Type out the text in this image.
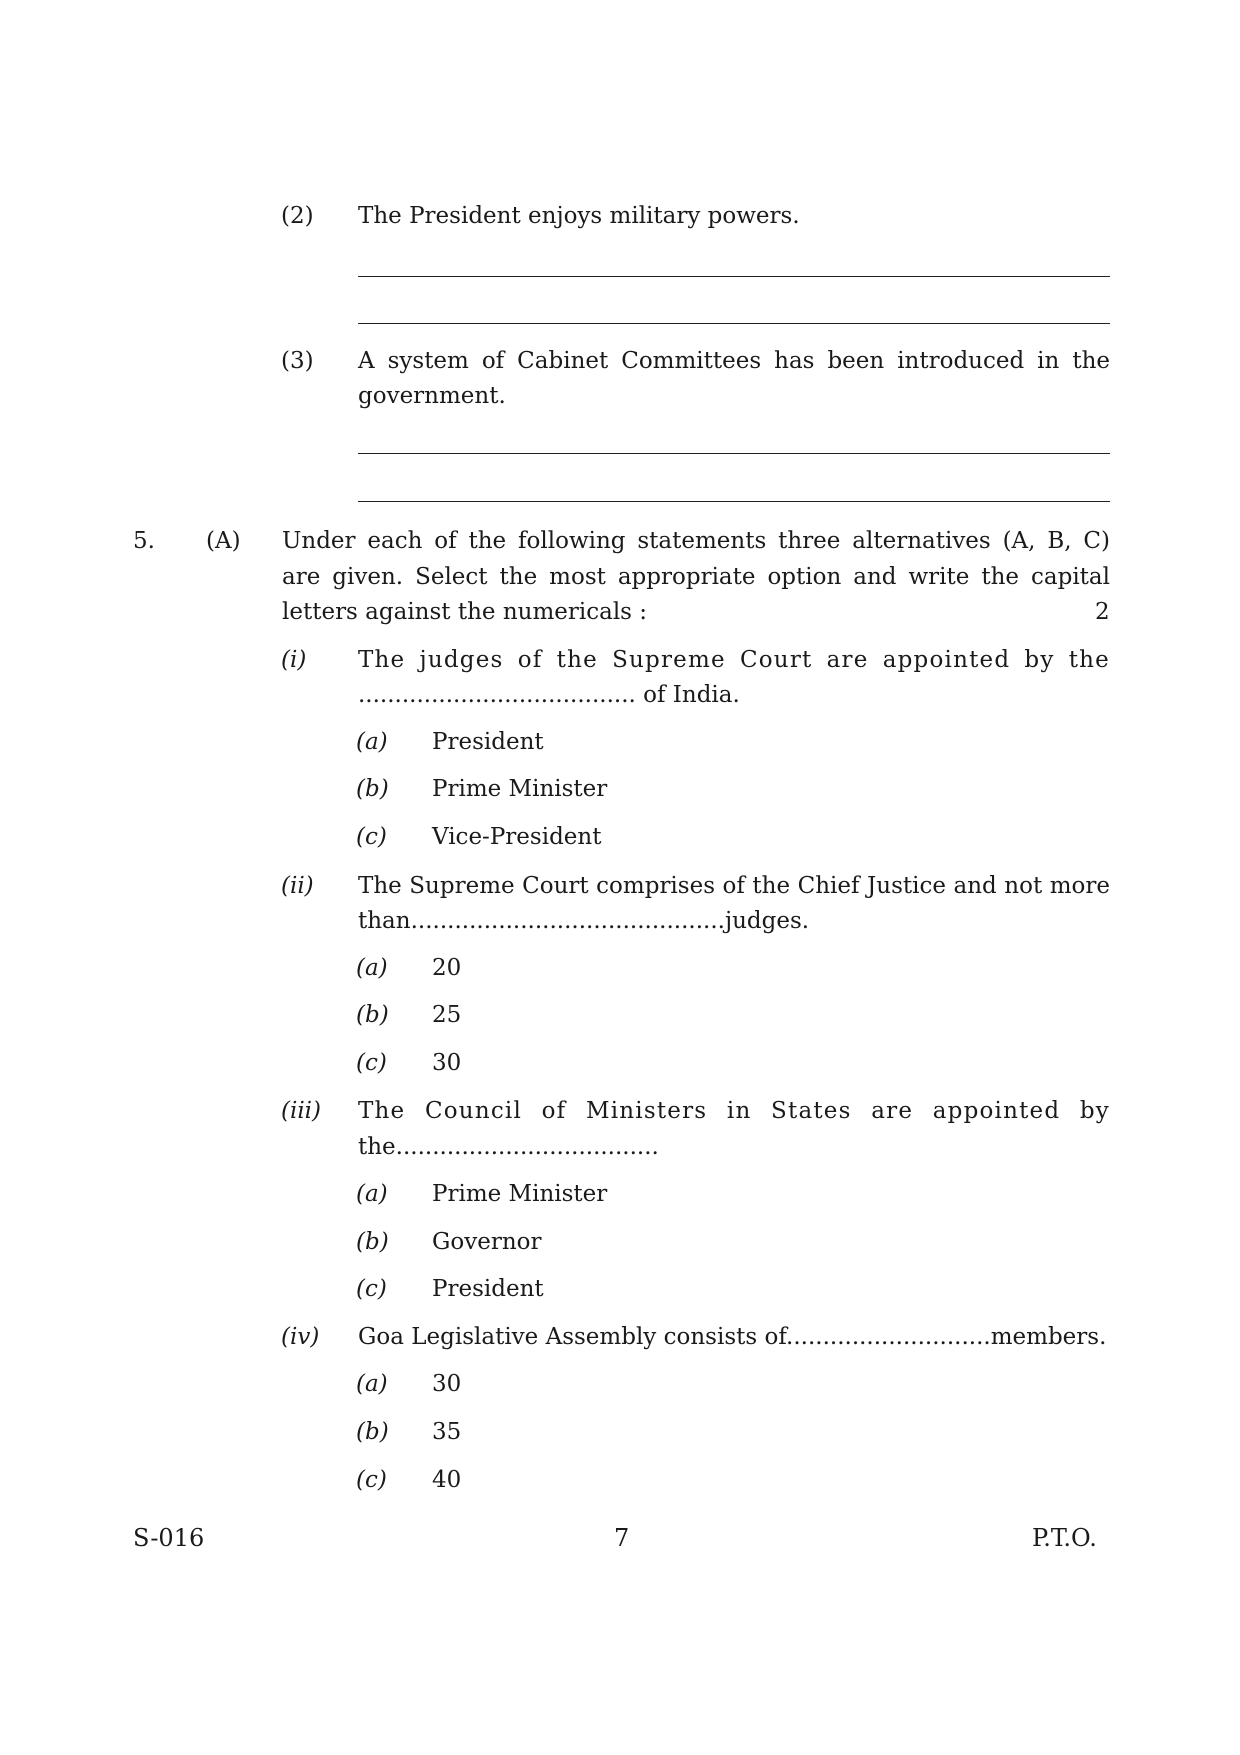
(2) The President enjoys military powers.
(3) A system of Cabinet Committees has been introduced in the
government.
5. (A) Under each of the following statements three alternatives (A, B, C)
are given. Select the most appropriate option and write the capital
letters against the numericals :	2
(i) The judges of the Supreme Court are appointed by the
...................................... of India.
(a) President
(b) Prime Minister
(c) Vice-President
(ii) The Supreme Court comprises of the Chief Justice and not more
than...........................................judges.
(a) 20
(b) 25
(c) 30
(iii) The Council of Ministers in States are appointed by
the....................................
(a) Prime Minister
(b) Governor
(c) President
(iv) Goa Legislative Assembly consists of............................members.
(a) 30
(b) 35
(c) 40
S-016	7	P.T.O.
